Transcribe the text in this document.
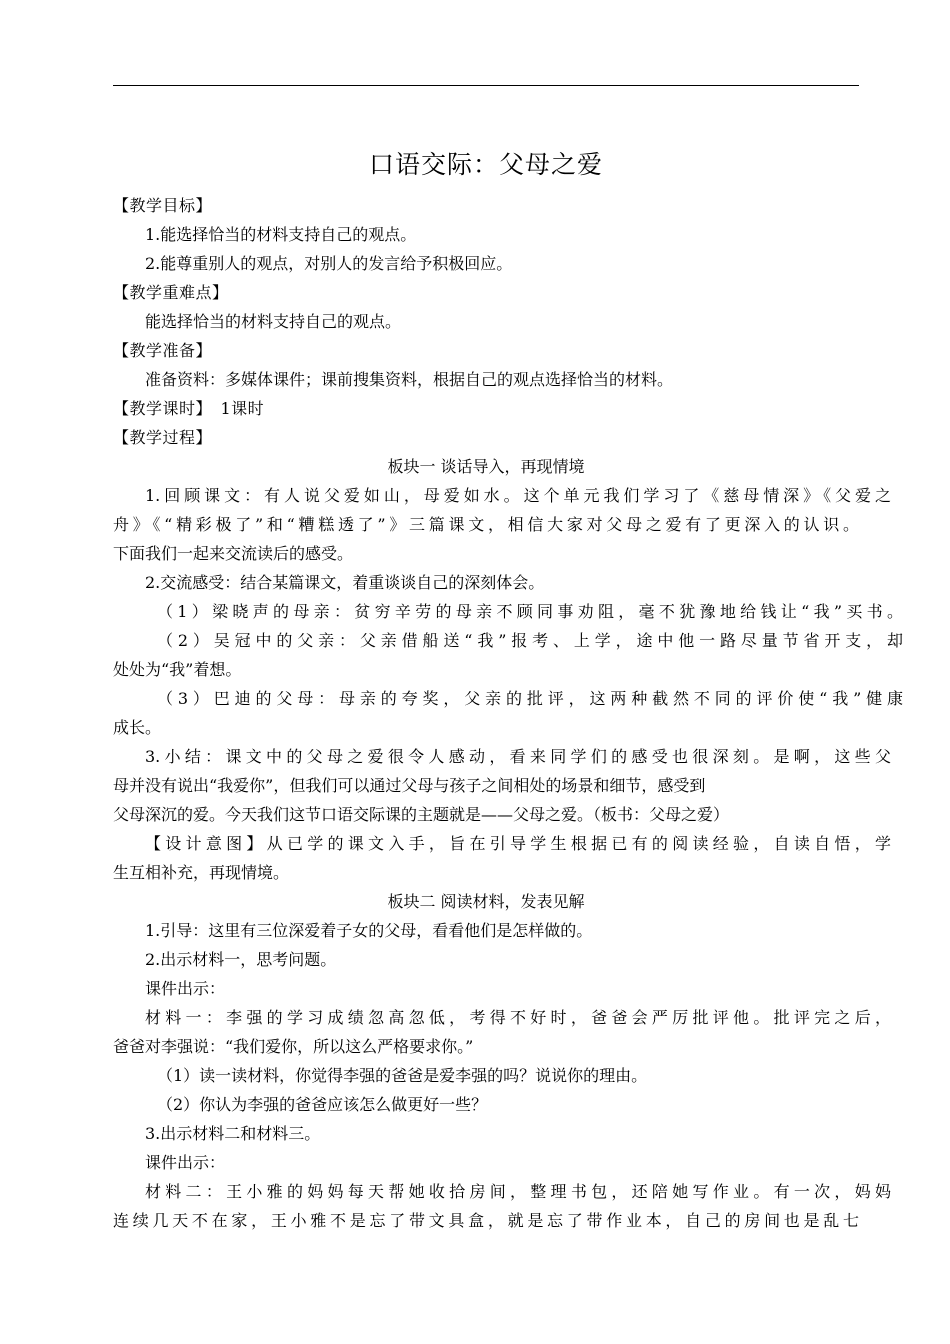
口语交际：父母之爱
【教学目标】
1.能选择恰当的材料支持自己的观点。
2.能尊重别人的观点，对别人的发言给予积极回应。
【教学重难点】
能选择恰当的材料支持自己的观点。
【教学准备】
准备资料：多媒体课件；课前搜集资料，根据自己的观点选择恰当的材料。
【教学课时】　1课时
【教学过程】
板块一 谈话导入，再现情境
1.回顾课文：有人说父爱如山，母爱如水。这个单元我们学习了《慈母情深》《父爱之
舟》《“精彩极了”和“糟糕透了”》三篇课文，相信大家对父母之爱有了更深入的认识。
下面我们一起来交流读后的感受。
2.交流感受：结合某篇课文，着重谈谈自己的深刻体会。
（1）梁晓声的母亲：贫穷辛劳的母亲不顾同事劝阻，毫不犹豫地给钱让“我”买书。
（2）吴冠中的父亲：父亲借船送“我”报考、上学，途中他一路尽量节省开支，却
处处为“我”着想。
（3）巴迪的父母：母亲的夸奖，父亲的批评，这两种截然不同的评价使“我”健康
成长。
3.小结：课文中的父母之爱很令人感动，看来同学们的感受也很深刻。是啊，这些父
母并没有说出“我爱你”，但我们可以通过父母与孩子之间相处的场景和细节，感受到
父母深沉的爱。今天我们这节口语交际课的主题就是——父母之爱。（板书：父母之爱）
【设计意图】从已学的课文入手，旨在引导学生根据已有的阅读经验，自读自悟，学
生互相补充，再现情境。
板块二 阅读材料，发表见解
1.引导：这里有三位深爱着子女的父母，看看他们是怎样做的。
2.出示材料一，思考问题。
课件出示：
材料一：李强的学习成绩忽高忽低，考得不好时，爸爸会严厉批评他。批评完之后，
爸爸对李强说：“我们爱你，所以这么严格要求你。”
（1）读一读材料，你觉得李强的爸爸是爱李强的吗？说说你的理由。
（2）你认为李强的爸爸应该怎么做更好一些？
3.出示材料二和材料三。
课件出示：
材料二：王小雅的妈妈每天帮她收拾房间，整理书包，还陪她写作业。有一次，妈妈
连续几天不在家，王小雅不是忘了带文具盒，就是忘了带作业本，自己的房间也是乱七
